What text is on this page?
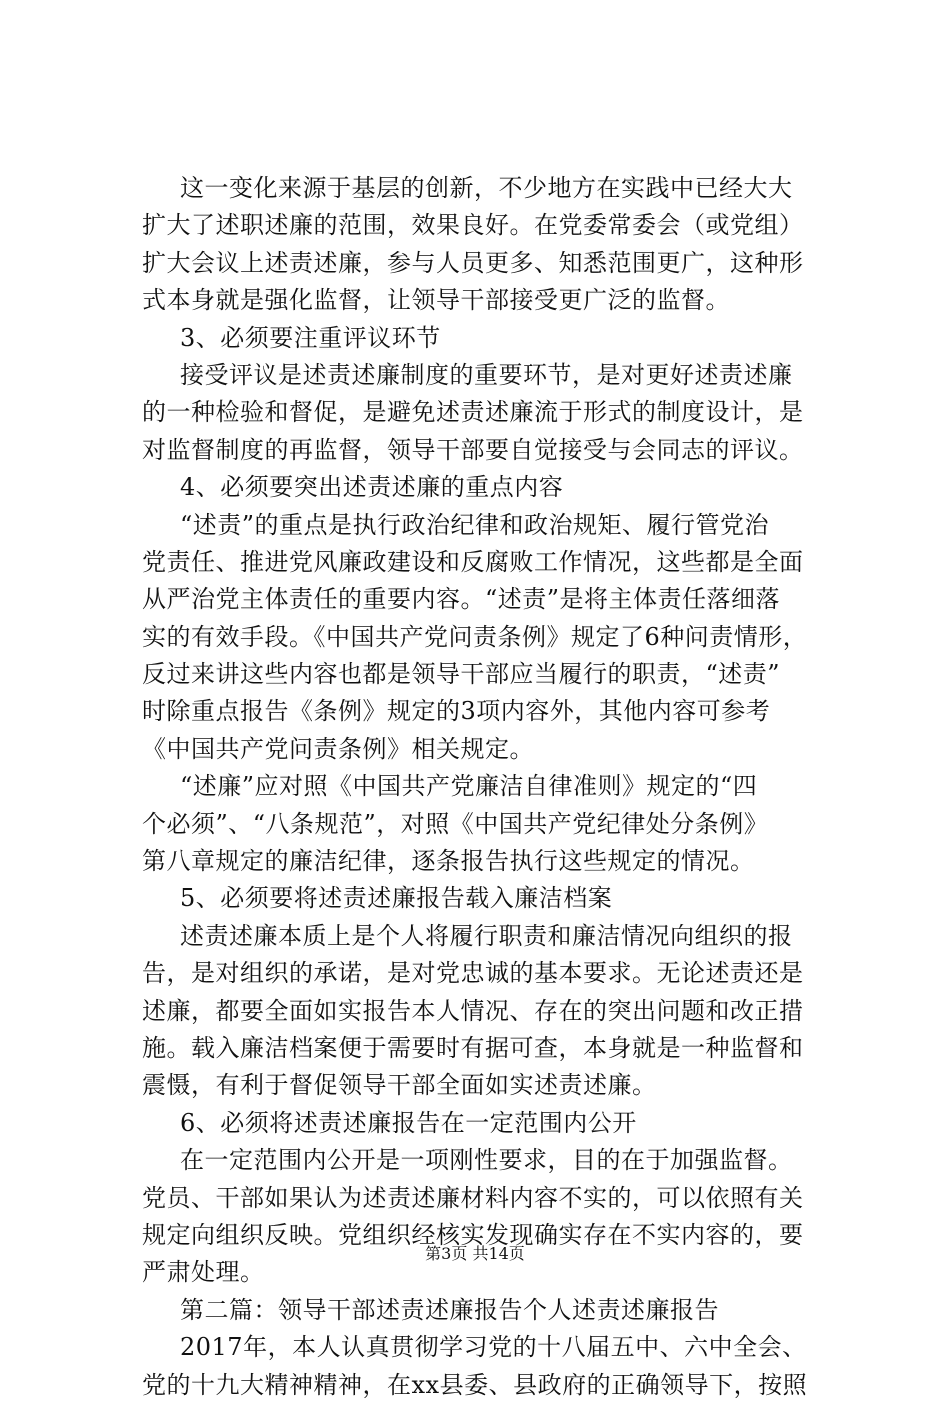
这一变化来源于基层的创新，不少地方在实践中已经大大
扩大了述职述廉的范围，效果良好。在党委常委会（或党组）
扩大会议上述责述廉，参与人员更多、知悉范围更广，这种形
式本身就是强化监督，让领导干部接受更广泛的监督。
3、必须要注重评议环节
接受评议是述责述廉制度的重要环节，是对更好述责述廉
的一种检验和督促，是避免述责述廉流于形式的制度设计，是
对监督制度的再监督，领导干部要自觉接受与会同志的评议。
4、必须要突出述责述廉的重点内容
“述责”的重点是执行政治纪律和政治规矩、履行管党治
党责任、推进党风廉政建设和反腐败工作情况，这些都是全面
从严治党主体责任的重要内容。“述责”是将主体责任落细落
实的有效手段。《中国共产党问责条例》规定了6种问责情形，
反过来讲这些内容也都是领导干部应当履行的职责，“述责”
时除重点报告《条例》规定的3项内容外，其他内容可参考
《中国共产党问责条例》相关规定。
“述廉”应对照《中国共产党廉洁自律准则》规定的“四
个必须”、“八条规范”，对照《中国共产党纪律处分条例》
第八章规定的廉洁纪律，逐条报告执行这些规定的情况。
5、必须要将述责述廉报告载入廉洁档案
述责述廉本质上是个人将履行职责和廉洁情况向组织的报
告，是对组织的承诺，是对党忠诚的基本要求。无论述责还是
述廉，都要全面如实报告本人情况、存在的突出问题和改正措
施。载入廉洁档案便于需要时有据可查，本身就是一种监督和
震慑，有利于督促领导干部全面如实述责述廉。
6、必须将述责述廉报告在一定范围内公开
在一定范围内公开是一项刚性要求，目的在于加强监督。
党员、干部如果认为述责述廉材料内容不实的，可以依照有关
规定向组织反映。党组织经核实发现确实存在不实内容的，要
严肃处理。
第二篇：领导干部述责述廉报告个人述责述廉报告
2017年，本人认真贯彻学习党的十八届五中、六中全会、
党的十九大精神精神，在xx县委、县政府的正确领导下，按照
第3页 共14页
